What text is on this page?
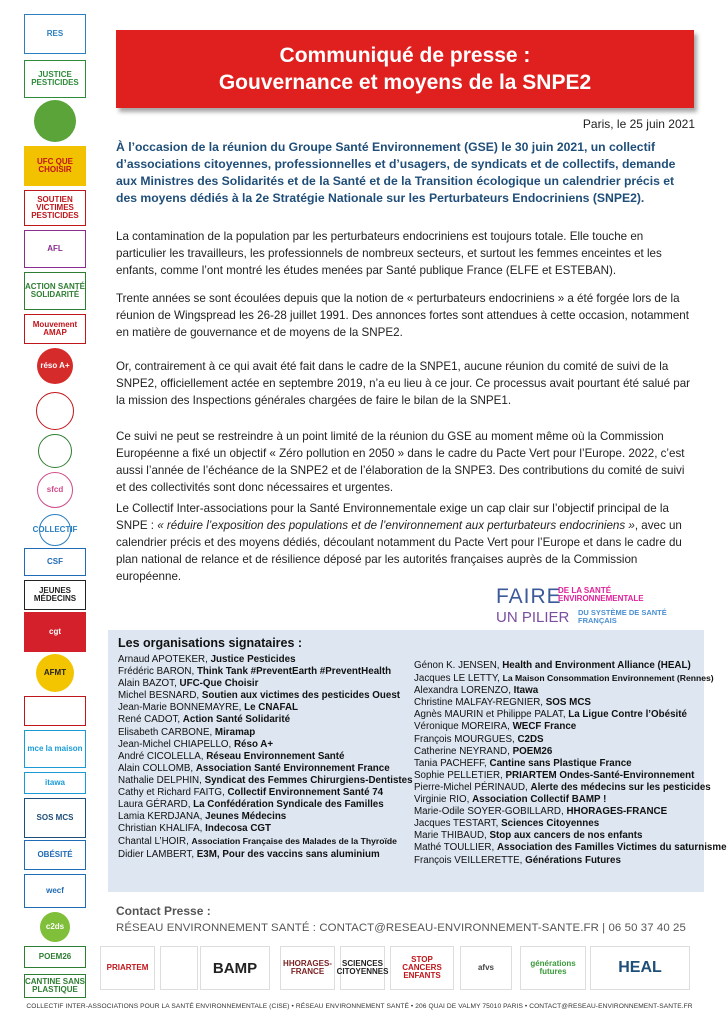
RES
JUSTICE PESTICIDES
UFC QUE CHOISIR
SOUTIEN VICTIMES PESTICIDES
AFL
ACTION SANTÉ SOLIDARITÉ
Mouvement AMAP
réso A+
sfcd
COLLECTIF
CSF
JEUNES MÉDECINS
cgt
AFMT
mce la maison
itawa
SOS MCS
OBÉSITÉ
wecf
c2ds
POEM26
CANTINE SANS PLASTIQUE
Communiqué de presse :
Gouvernance et moyens de la SNPE2
Paris, le 25 juin 2021
À l’occasion de la réunion du Groupe Santé Environnement (GSE) le 30 juin 2021, un collectif d’associations citoyennes, professionnelles et d’usagers, de syndicats et de collectifs, demande aux Ministres des Solidarités et de la Santé et de la Transition écologique un calendrier précis et des moyens dédiés à la 2e Stratégie Nationale sur les Perturbateurs Endocriniens (SNPE2).
La contamination de la population par les perturbateurs endocriniens est toujours totale. Elle touche en particulier les travailleurs, les professionnels de nombreux secteurs, et surtout les femmes enceintes et les enfants, comme l’ont montré les études menées par Santé publique France (ELFE et ESTEBAN).
Trente années se sont écoulées depuis que la notion de « perturbateurs endocriniens » a été forgée lors de la réunion de Wingspread les 26-28 juillet 1991. Des annonces fortes sont attendues à cette occasion, notamment en matière de gouvernance et de moyens de la SNPE2.
Or, contrairement à ce qui avait été fait dans le cadre de la SNPE1, aucune réunion du comité de suivi de la SNPE2, officiellement actée en septembre 2019, n’a eu lieu à ce jour. Ce processus avait pourtant été salué par la mission des Inspections générales chargées de faire le bilan de la SNPE1.
Ce suivi ne peut se restreindre à un point limité de la réunion du GSE au moment même où la Commission Européenne a fixé un objectif « Zéro pollution en 2050 » dans le cadre du Pacte Vert pour l’Europe. 2022, c’est aussi l’année de l’échéance de la SNPE2 et de l’élaboration de la SNPE3. Des contributions du comité de suivi et des collectivités sont donc nécessaires et urgentes.
Le Collectif Inter-associations pour la Santé Environnementale exige un cap clair sur l’objectif principal de la SNPE : « réduire l’exposition des populations et de l’environnement aux perturbateurs endocriniens », avec un calendrier précis et des moyens dédiés, découlant notamment du Pacte Vert pour l’Europe et dans le cadre du plan national de relance et de résilience déposé par les autorités françaises auprès de la Commission européenne.
FAIRE
DE LA SANTÉ
ENVIRONNEMENTALE
UN PILIER DU SYSTÈME DE SANTÉ
FRANÇAIS
Les organisations signataires :
Arnaud APOTEKER, Justice Pesticides
Frédéric BARON, Think Tank #PreventEarth #PreventHealth
Alain BAZOT, UFC-Que Choisir
Michel BESNARD, Soutien aux victimes des pesticides Ouest
Jean-Marie BONNEMAYRE, Le CNAFAL
René CADOT, Action Santé Solidarité
Elisabeth CARBONE, Miramap
Jean-Michel CHIAPELLO, Réso A+
André CICOLELLA, Réseau Environnement Santé
Alain COLLOMB, Association Santé Environnement France
Nathalie DELPHIN, Syndicat des Femmes Chirurgiens-Dentistes
Cathy et Richard FAITG, Collectif Environnement Santé 74
Laura GÉRARD, La Confédération Syndicale des Familles
Lamia KERDJANA, Jeunes Médecins
Christian KHALIFA, Indecosa CGT
Chantal L’HOIR, Association Française des Malades de la Thyroïde
Didier LAMBERT, E3M, Pour des vaccins sans aluminium
Génon K. JENSEN, Health and Environment Alliance (HEAL)
Jacques LE LETTY, La Maison Consommation Environnement (Rennes)
Alexandra LORENZO, Itawa
Christine MALFAY-REGNIER, SOS MCS
Agnès MAURIN et Philippe PALAT, La Ligue Contre l’Obésité
Véronique MOREIRA, WECF France
François MOURGUES, C2DS
Catherine NEYRAND, POEM26
Tania PACHEFF, Cantine sans Plastique France
Sophie PELLETIER, PRIARTEM Ondes-Santé-Environnement
Pierre-Michel PÉRINAUD, Alerte des médecins sur les pesticides
Virginie RIO, Association Collectif BAMP !
Marie-Odile SOYER-GOBILLARD, HHORAGES-FRANCE
Jacques TESTART, Sciences Citoyennes
Marie THIBAUD, Stop aux cancers de nos enfants
Mathé TOULLIER, Association des Familles Victimes du saturnisme
François VEILLERETTE, Générations Futures
Contact Presse :
RÉSEAU ENVIRONNEMENT SANTÉ : CONTACT@RESEAU-ENVIRONNEMENT-SANTE.FR | 06 50 37 40 25
PRIARTEM	BAMP	HHORAGES-FRANCE
SCIENCES CITOYENNES
STOP CANCERS ENFANTS
afvs	générations futures	HEAL
COLLECTIF INTER-ASSOCIATIONS POUR LA SANTÉ ENVIRONNEMENTALE (CISE) • RÉSEAU ENVIRONNEMENT SANTÉ • 206 QUAI DE VALMY 75010 PARIS • CONTACT@RESEAU-ENVIRONNEMENT-SANTE.FR
